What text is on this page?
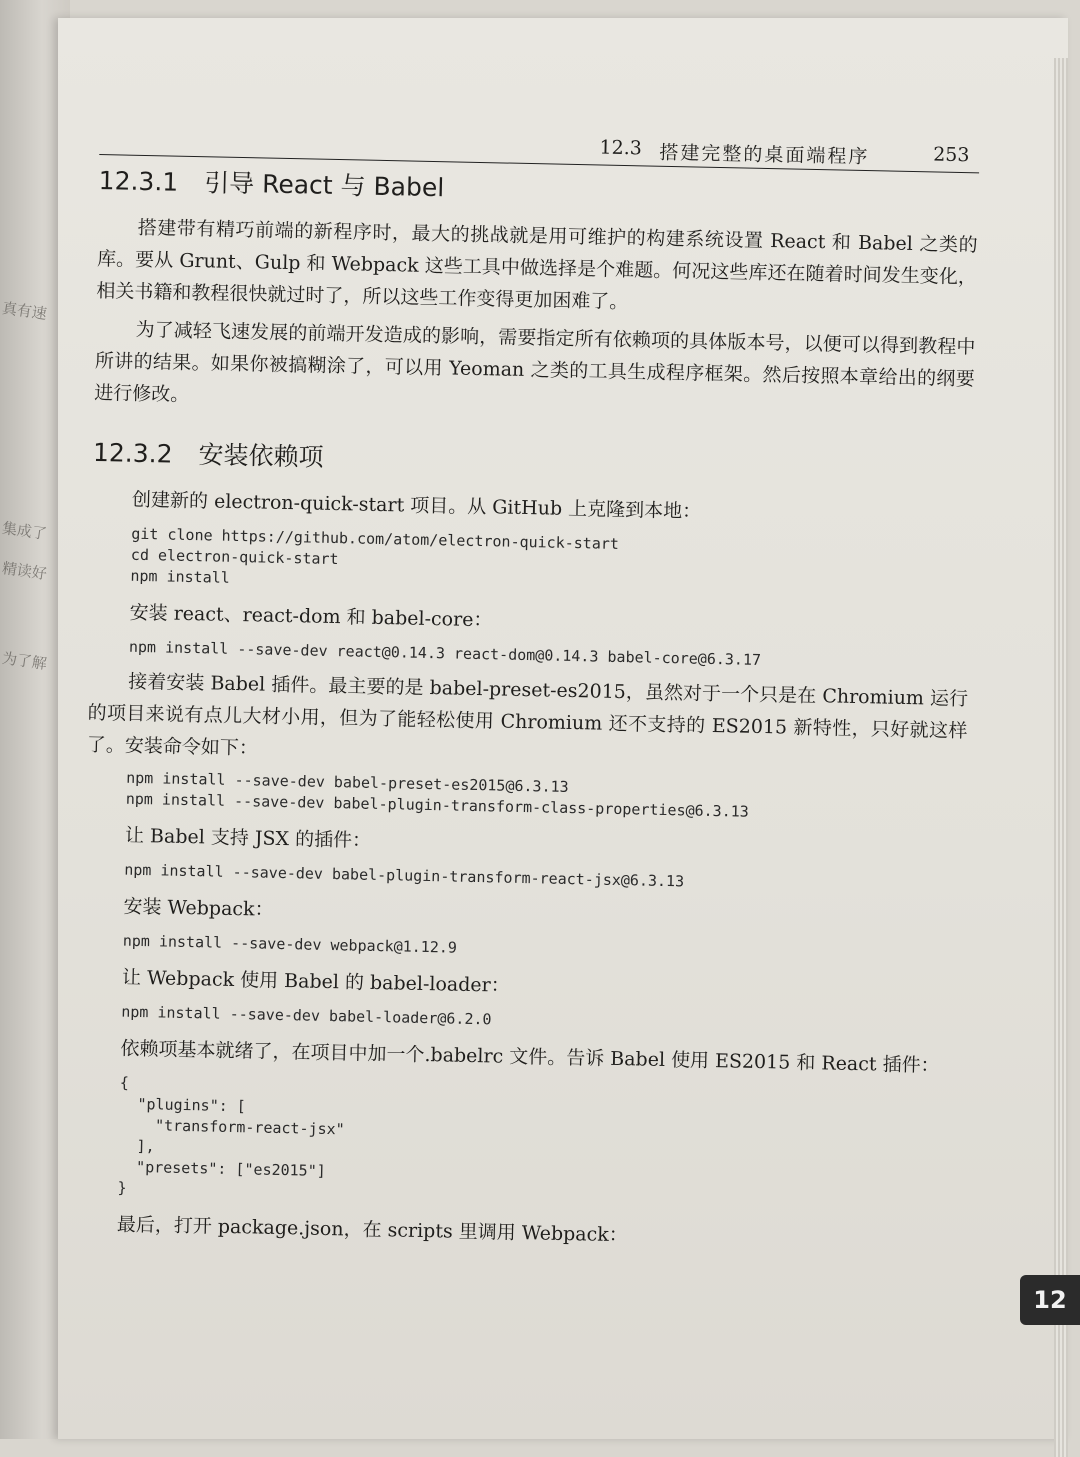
真有速
集成了
精读好
为了解
12.3 搭建完整的桌面端程序	253
12.3.1 引导 React 与 Babel

搭建带有精巧前端的新程序时，最大的挑战就是用可维护的构建系统设置 React 和 Babel 之类的库。要从 Grunt、Gulp 和 Webpack 这些工具中做选择是个难题。何况这些库还在随着时间发生变化，相关书籍和教程很快就过时了，所以这些工作变得更加困难了。

为了减轻飞速发展的前端开发造成的影响，需要指定所有依赖项的具体版本号，以便可以得到教程中所讲的结果。如果你被搞糊涂了，可以用 Yeoman 之类的工具生成程序框架。然后按照本章给出的纲要进行修改。

12.3.2 安装依赖项

创建新的 electron-quick-start 项目。从 GitHub 上克隆到本地：

git clone https://github.com/atom/electron-quick-start
cd electron-quick-start
npm install

安装 react、react-dom 和 babel-core：

npm install --save-dev react@0.14.3 react-dom@0.14.3 babel-core@6.3.17

接着安装 Babel 插件。最主要的是 babel-preset-es2015，虽然对于一个只是在 Chromium 运行的项目来说有点儿大材小用，但为了能轻松使用 Chromium 还不支持的 ES2015 新特性，只好就这样了。安装命令如下：

npm install --save-dev babel-preset-es2015@6.3.13
npm install --save-dev babel-plugin-transform-class-properties@6.3.13

让 Babel 支持 JSX 的插件：

npm install --save-dev babel-plugin-transform-react-jsx@6.3.13

安装 Webpack：

npm install --save-dev webpack@1.12.9

让 Webpack 使用 Babel 的 babel-loader：

npm install --save-dev babel-loader@6.2.0

依赖项基本就绪了，在项目中加一个.babelrc 文件。告诉 Babel 使用 ES2015 和 React 插件：

{
"plugins": [
"transform-react-jsx"
],
"presets": ["es2015"]
}

最后，打开 package.json，在 scripts 里调用 Webpack：

12
